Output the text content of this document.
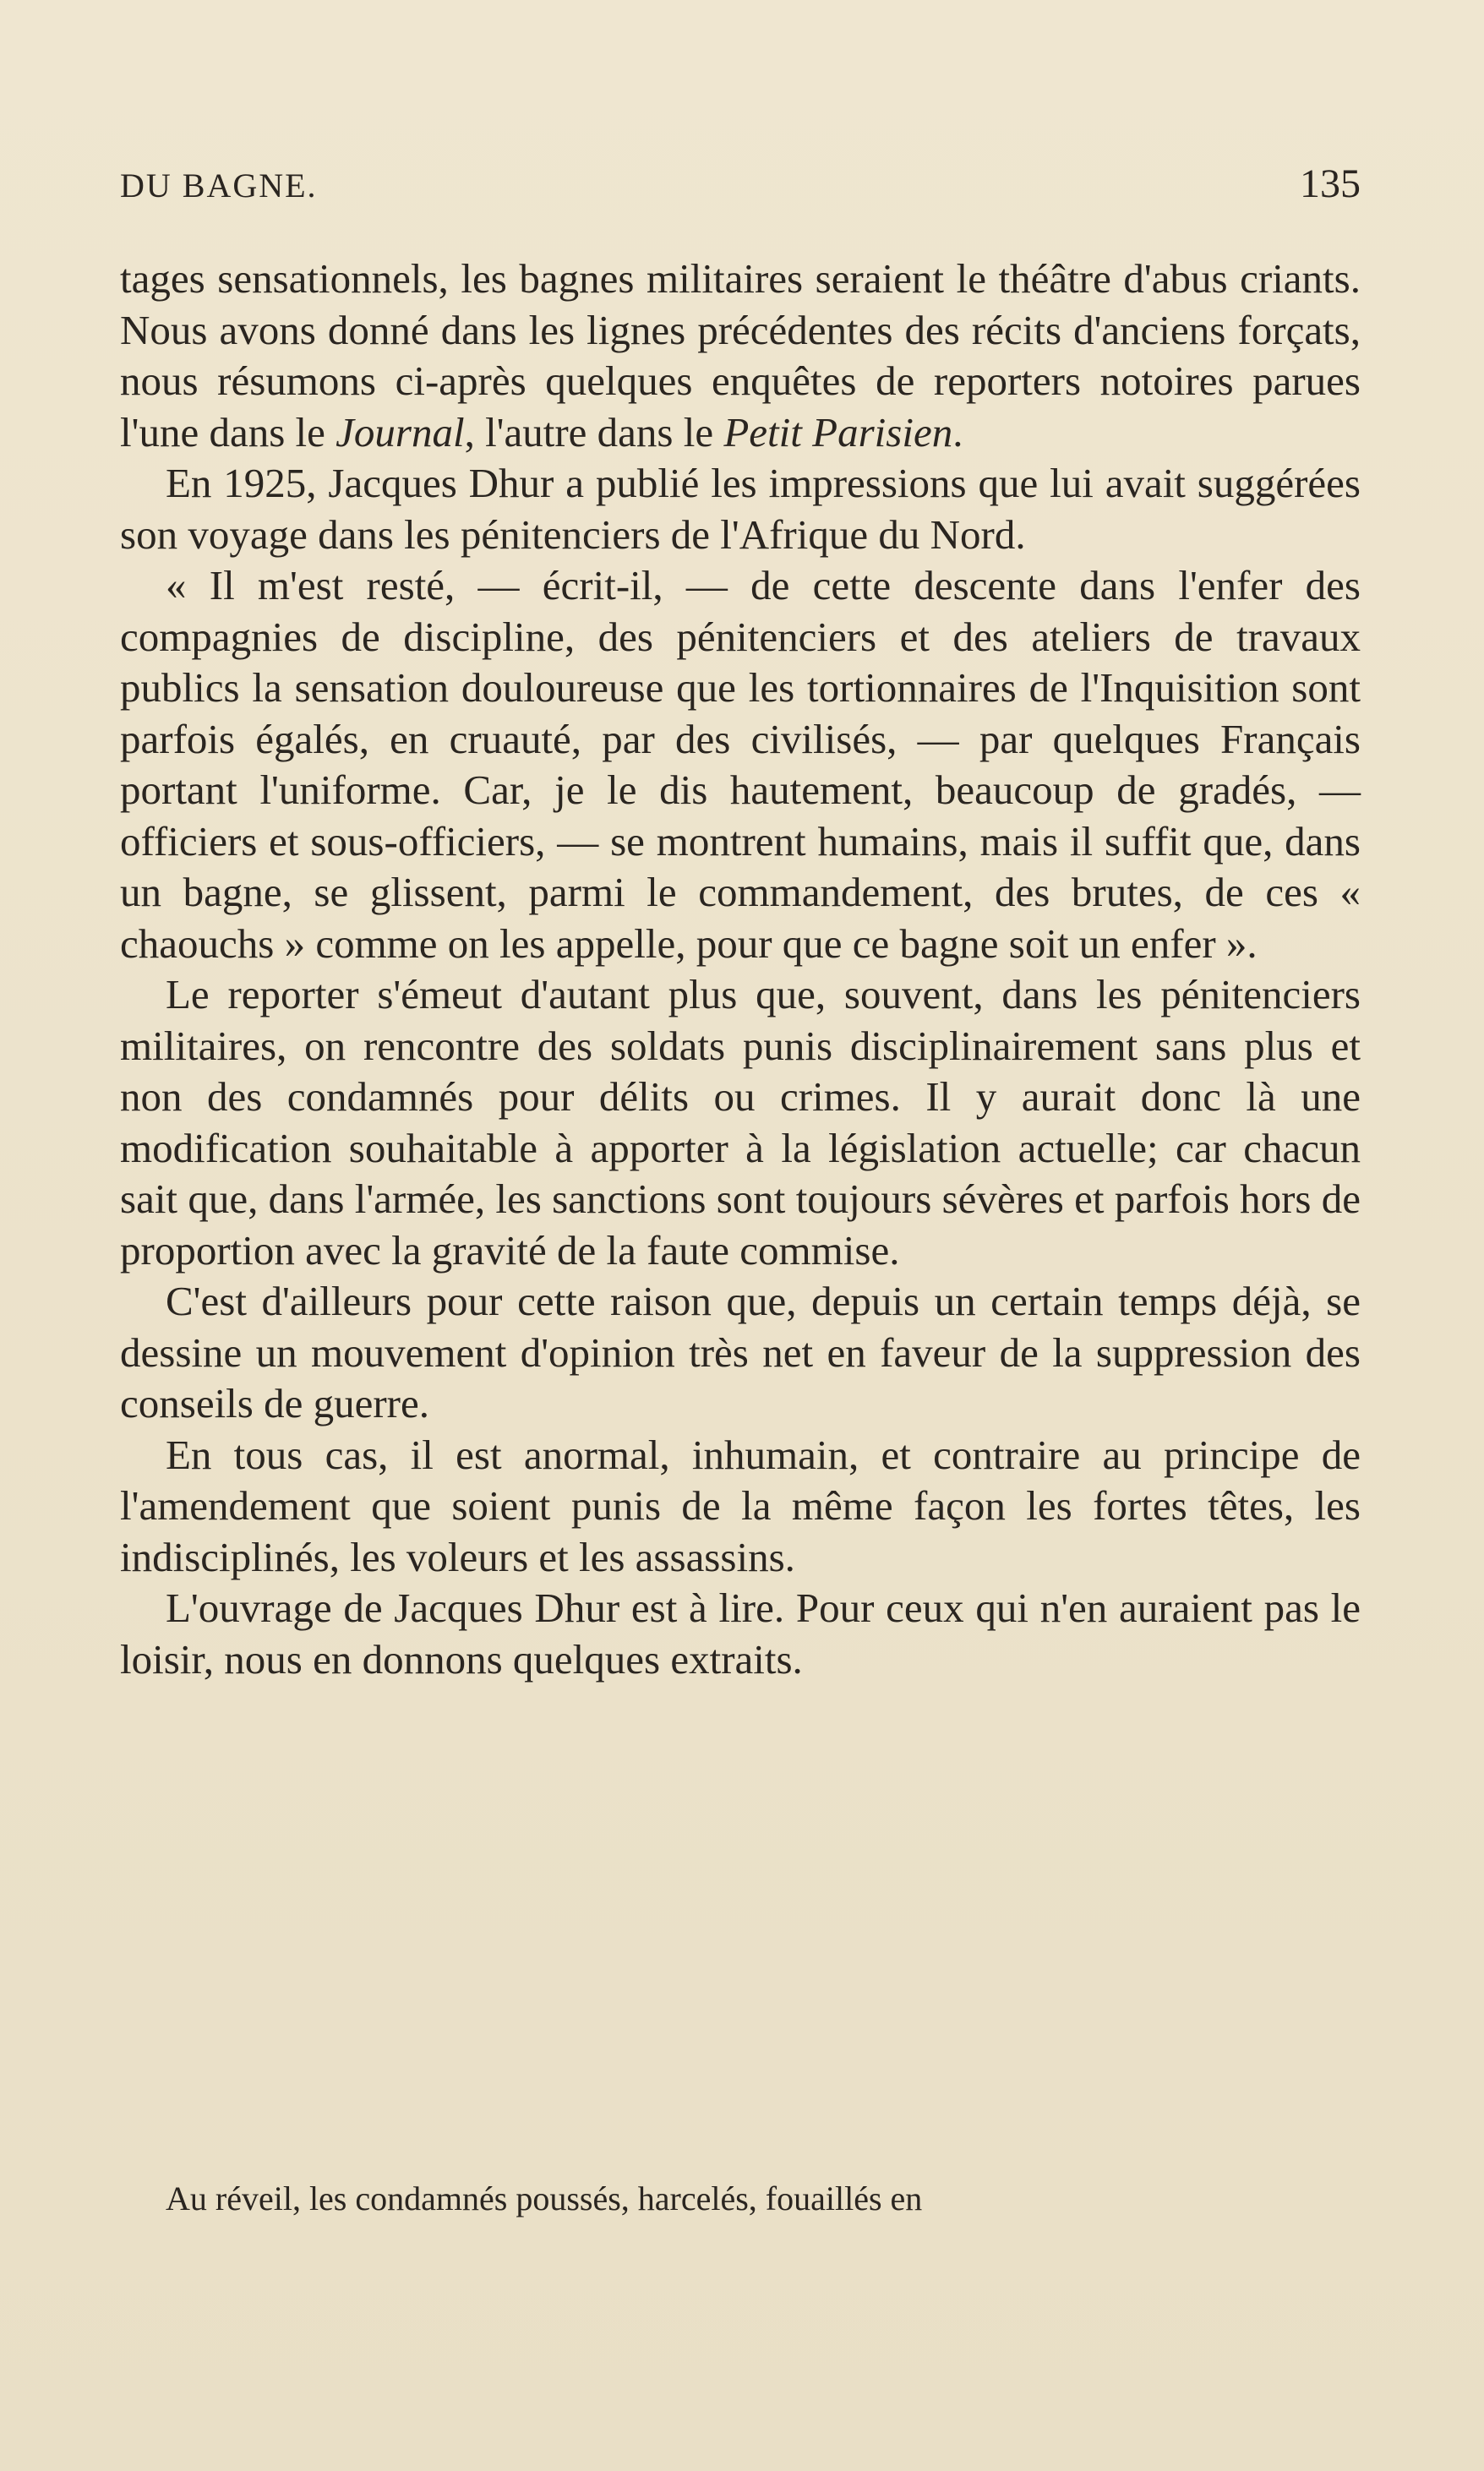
DU BAGNE.	135

tages sensationnels, les bagnes militaires seraient le théâtre d'abus criants. Nous avons donné dans les lignes précédentes des récits d'anciens forçats, nous résumons ci-après quelques enquêtes de reporters notoires parues l'une dans le Journal, l'autre dans le Petit Parisien.

En 1925, Jacques Dhur a publié les impressions que lui avait suggérées son voyage dans les pénitenciers de l'Afrique du Nord.

« Il m'est resté, — écrit-il, — de cette descente dans l'enfer des compagnies de discipline, des pénitenciers et des ateliers de travaux publics la sensation douloureuse que les tortionnaires de l'Inquisition sont parfois égalés, en cruauté, par des civilisés, — par quelques Français portant l'uniforme. Car, je le dis hautement, beaucoup de gradés, — officiers et sous-officiers, — se montrent humains, mais il suffit que, dans un bagne, se glissent, parmi le commandement, des brutes, de ces « chaouchs » comme on les appelle, pour que ce bagne soit un enfer ».

Le reporter s'émeut d'autant plus que, souvent, dans les pénitenciers militaires, on rencontre des soldats punis disciplinairement sans plus et non des condamnés pour délits ou crimes. Il y aurait donc là une modification souhaitable à apporter à la législation actuelle; car chacun sait que, dans l'armée, les sanctions sont toujours sévères et parfois hors de proportion avec la gravité de la faute commise.

C'est d'ailleurs pour cette raison que, depuis un certain temps déjà, se dessine un mouvement d'opinion très net en faveur de la suppression des conseils de guerre.

En tous cas, il est anormal, inhumain, et contraire au principe de l'amendement que soient punis de la même façon les fortes têtes, les indisciplinés, les voleurs et les assassins.

L'ouvrage de Jacques Dhur est à lire. Pour ceux qui n'en auraient pas le loisir, nous en donnons quelques extraits.

Au réveil, les condamnés poussés, harcelés, fouaillés en
